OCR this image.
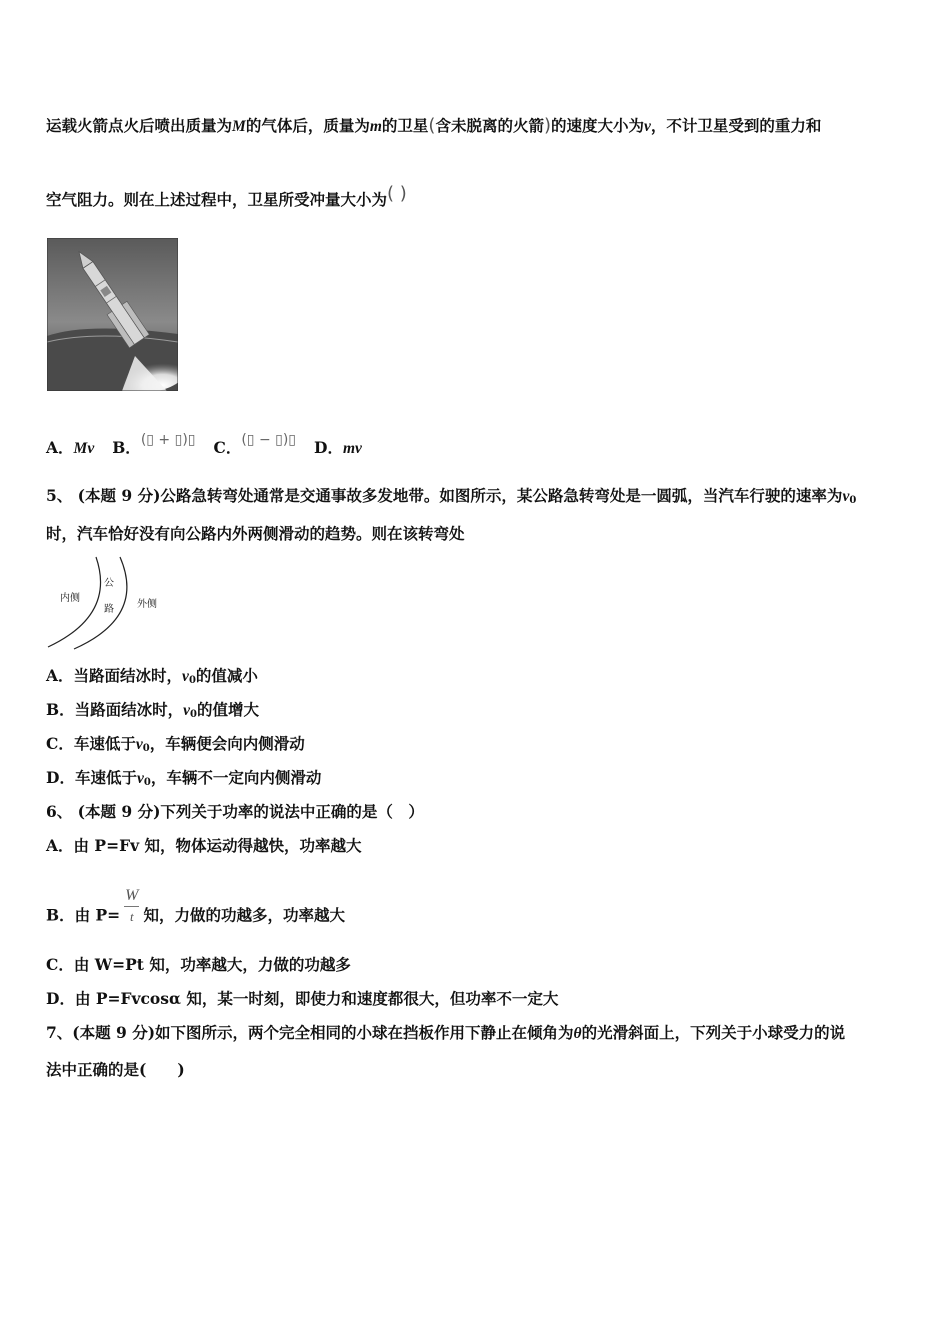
运载火箭点火后喷出质量为M的气体后，质量为m的卫星(含未脱离的火箭)的速度大小为v，不计卫星受到的重力和
空气阻力。则在上述过程中，卫星所受冲量大小为( )
A．Mv B．(▯ + ▯)▯ C．(▯ − ▯)▯ D．mv
5、 (本题 9 分)公路急转弯处通常是交通事故多发地带。如图所示，某公路急转弯处是一圆弧，当汽车行驶的速率为$v_0$
时，汽车恰好没有向公路内外两侧滑动的趋势。则在该转弯处
内侧
公
路 外侧
A．当路面结冰时，$v_0$的值减小
B．当路面结冰时，$v_0$的值增大
C．车速低于$v_0$，车辆便会向内侧滑动
D．车速低于$v_0$，车辆不一定向内侧滑动
6、 (本题 9 分)下列关于功率的说法中正确的是（　）
A．由 P=Fv 知，物体运动得越快，功率越大
B．由 $P= \frac{W}{t}$ 知，力做的功越多，功率越大
C．由 W=Pt 知，功率越大，力做的功越多
D．由 P=Fvcosα 知，某一时刻，即使力和速度都很大，但功率不一定大
7、(本题 9 分)如下图所示，两个完全相同的小球在挡板作用下静止在倾角为θ的光滑斜面上，下列关于小球受力的说
法中正确的是(　　)
